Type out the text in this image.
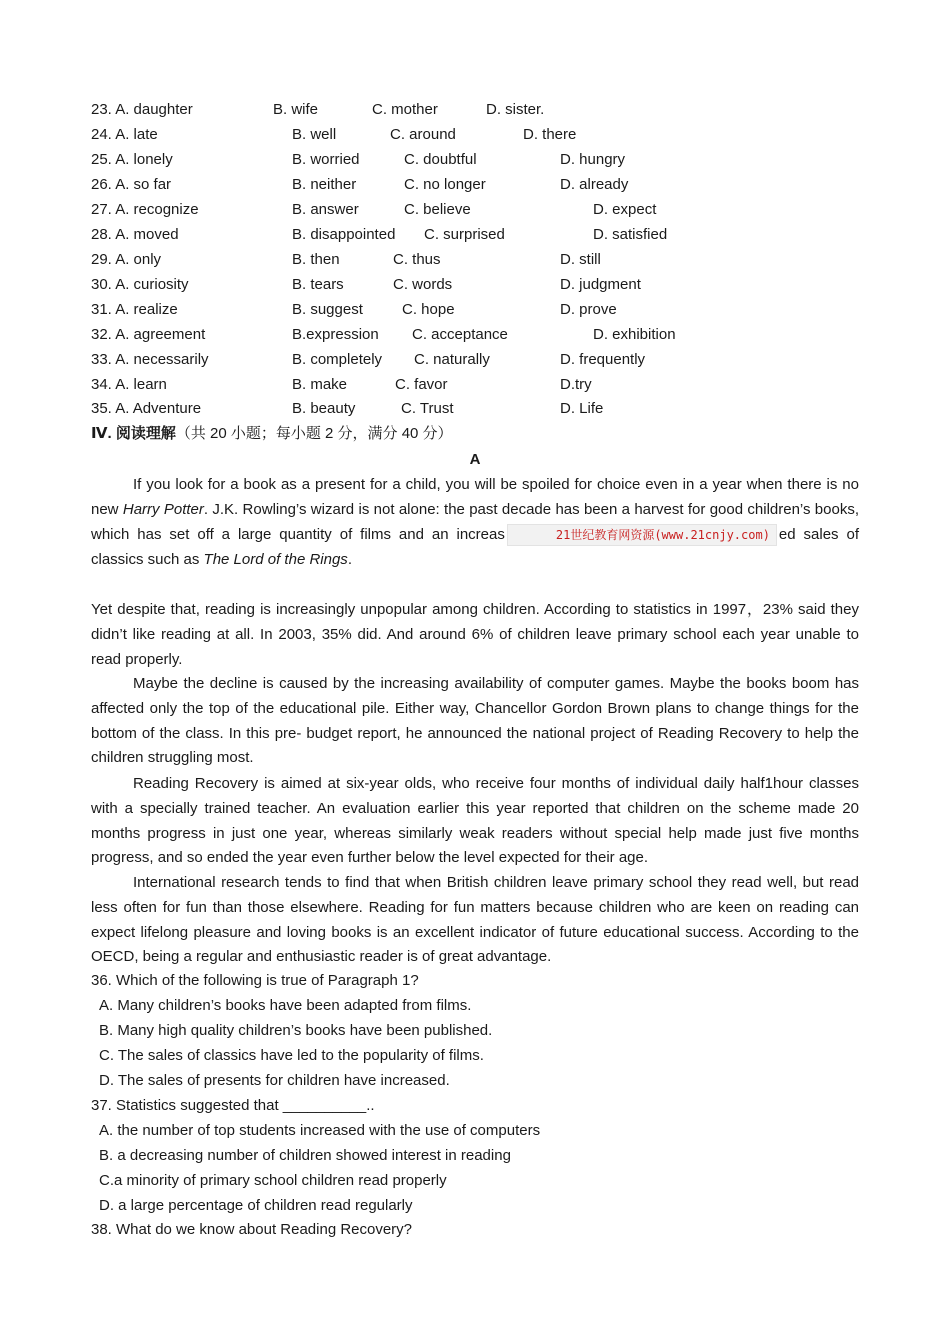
23. A. daughter	B. wife	C. mother	D. sister.
24. A. late	B. well	C. around	D. there
25. A. lonely	B. worried	C. doubtful	D. hungry
26. A. so far	B. neither	C. no longer	D. already
27. A. recognize	B. answer	C. believe	D. expect
28. A. moved	B. disappointed C. surprised	D. satisfied
29. A. only	B. then	C. thus	D. still
30. A. curiosity	B. tears	C. words	D. judgment
31. A. realize	B. suggest	C. hope	D. prove
32. A. agreement	B.expression C. acceptance	D. exhibition
33. A. necessarily	B. completely C. naturally	D. frequently
34. A. learn	B. make	C. favor	D.try
35. A. Adventure	B. beauty	C. Trust	D. Life
Ⅳ. 阅读理解（共 20 小题；每小题 2 分，满分 40 分）
A

If you look for a book as a present for a child, you will be spoiled for choice even in a year when there is no new Harry Potter. J.K. Rowling’s wizard is not alone: the past decade has been a harvest for good children’s books, which has set off a large quantity of films and an increas	21世纪教育网资源(www.21cnjy.com) ed sales of classics such as The Lord of the Rings.

Yet despite that, reading is increasingly unpopular among children. According to statistics in 1997，23% said they didn’t like reading at all. In 2003, 35% did. And around 6% of children leave primary school each year unable to read properly.

Maybe the decline is caused by the increasing availability of computer games. Maybe the books boom has affected only the top of the educational pile. Either way, Chancellor Gordon Brown plans to change things for the bottom of the class. In this pre- budget report, he announced the national project of Reading Recovery to help the children struggling most.

Reading Recovery is aimed at six-year olds, who receive four months of individual daily half1hour classes with a specially trained teacher. An evaluation earlier this year reported that children on the scheme made 20 months progress in just one year, whereas similarly weak readers without special help made just five months progress, and so ended the year even further below the level expected for their age.

International research tends to find that when British children leave primary school they read well, but read less often for fun than those elsewhere. Reading for fun matters because children who are keen on reading can expect lifelong pleasure and loving books is an excellent indicator of future educational success. According to the OECD, being a regular and enthusiastic reader is of great advantage.

36. Which of the following is true of Paragraph 1?
A. Many children’s books have been adapted from films.
B. Many high quality children’s books have been published.
C. The sales of classics have led to the popularity of films.
D. The sales of presents for children have increased.
37. Statistics suggested that __________..
A. the number of top students increased with the use of computers
B. a decreasing number of children showed interest in reading
C.a minority of primary school children read properly
D. a large percentage of children read regularly
38. What do we know about Reading Recovery?
